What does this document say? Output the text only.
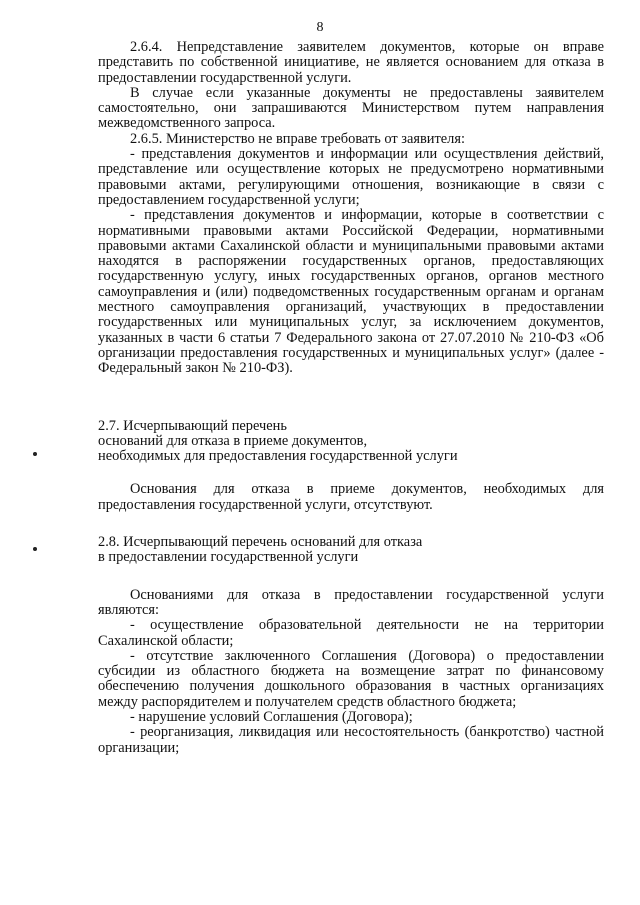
8

2.6.4. Непредставление заявителем документов, которые он вправе представить по собственной инициативе, не является основанием для отказа в предоставлении государственной услуги.

В случае если указанные документы не предоставлены заявителем самостоятельно, они запрашиваются Министерством путем направления межведомственного запроса.

2.6.5. Министерство не вправе требовать от заявителя:

- представления документов и информации или осуществления действий, представление или осуществление которых не предусмотрено нормативными правовыми актами, регулирующими отношения, возникающие в связи с предоставлением государственной услуги;

- представления документов и информации, которые в соответствии с нормативными правовыми актами Российской Федерации, нормативными правовыми актами Сахалинской области и муниципальными правовыми актами находятся в распоряжении государственных органов, предоставляющих государственную услугу, иных государственных органов, органов местного самоуправления и (или) подведомственных государственным органам и органам местного самоуправления организаций, участвующих в предоставлении государственных или муниципальных услуг, за исключением документов, указанных в части 6 статьи 7 Федерального закона от 27.07.2010 № 210-ФЗ «Об организации предоставления государственных и муниципальных услуг» (далее - Федеральный закон № 210-ФЗ).

2.7. Исчерпывающий перечень
оснований для отказа в приеме документов,
необходимых для предоставления государственной услуги

Основания для отказа в приеме документов, необходимых для предоставления государственной услуги, отсутствуют.

2.8. Исчерпывающий перечень оснований для отказа
в предоставлении государственной услуги

Основаниями для отказа в предоставлении государственной услуги являются:

- осуществление образовательной деятельности не на территории Сахалинской области;

- отсутствие заключенного Соглашения (Договора) о предоставлении субсидии из областного бюджета на возмещение затрат по финансовому обеспечению получения дошкольного образования в частных организациях между распорядителем и получателем средств областного бюджета;

- нарушение условий Соглашения (Договора);

- реорганизация, ликвидация или несостоятельность (банкротство) частной организации;
